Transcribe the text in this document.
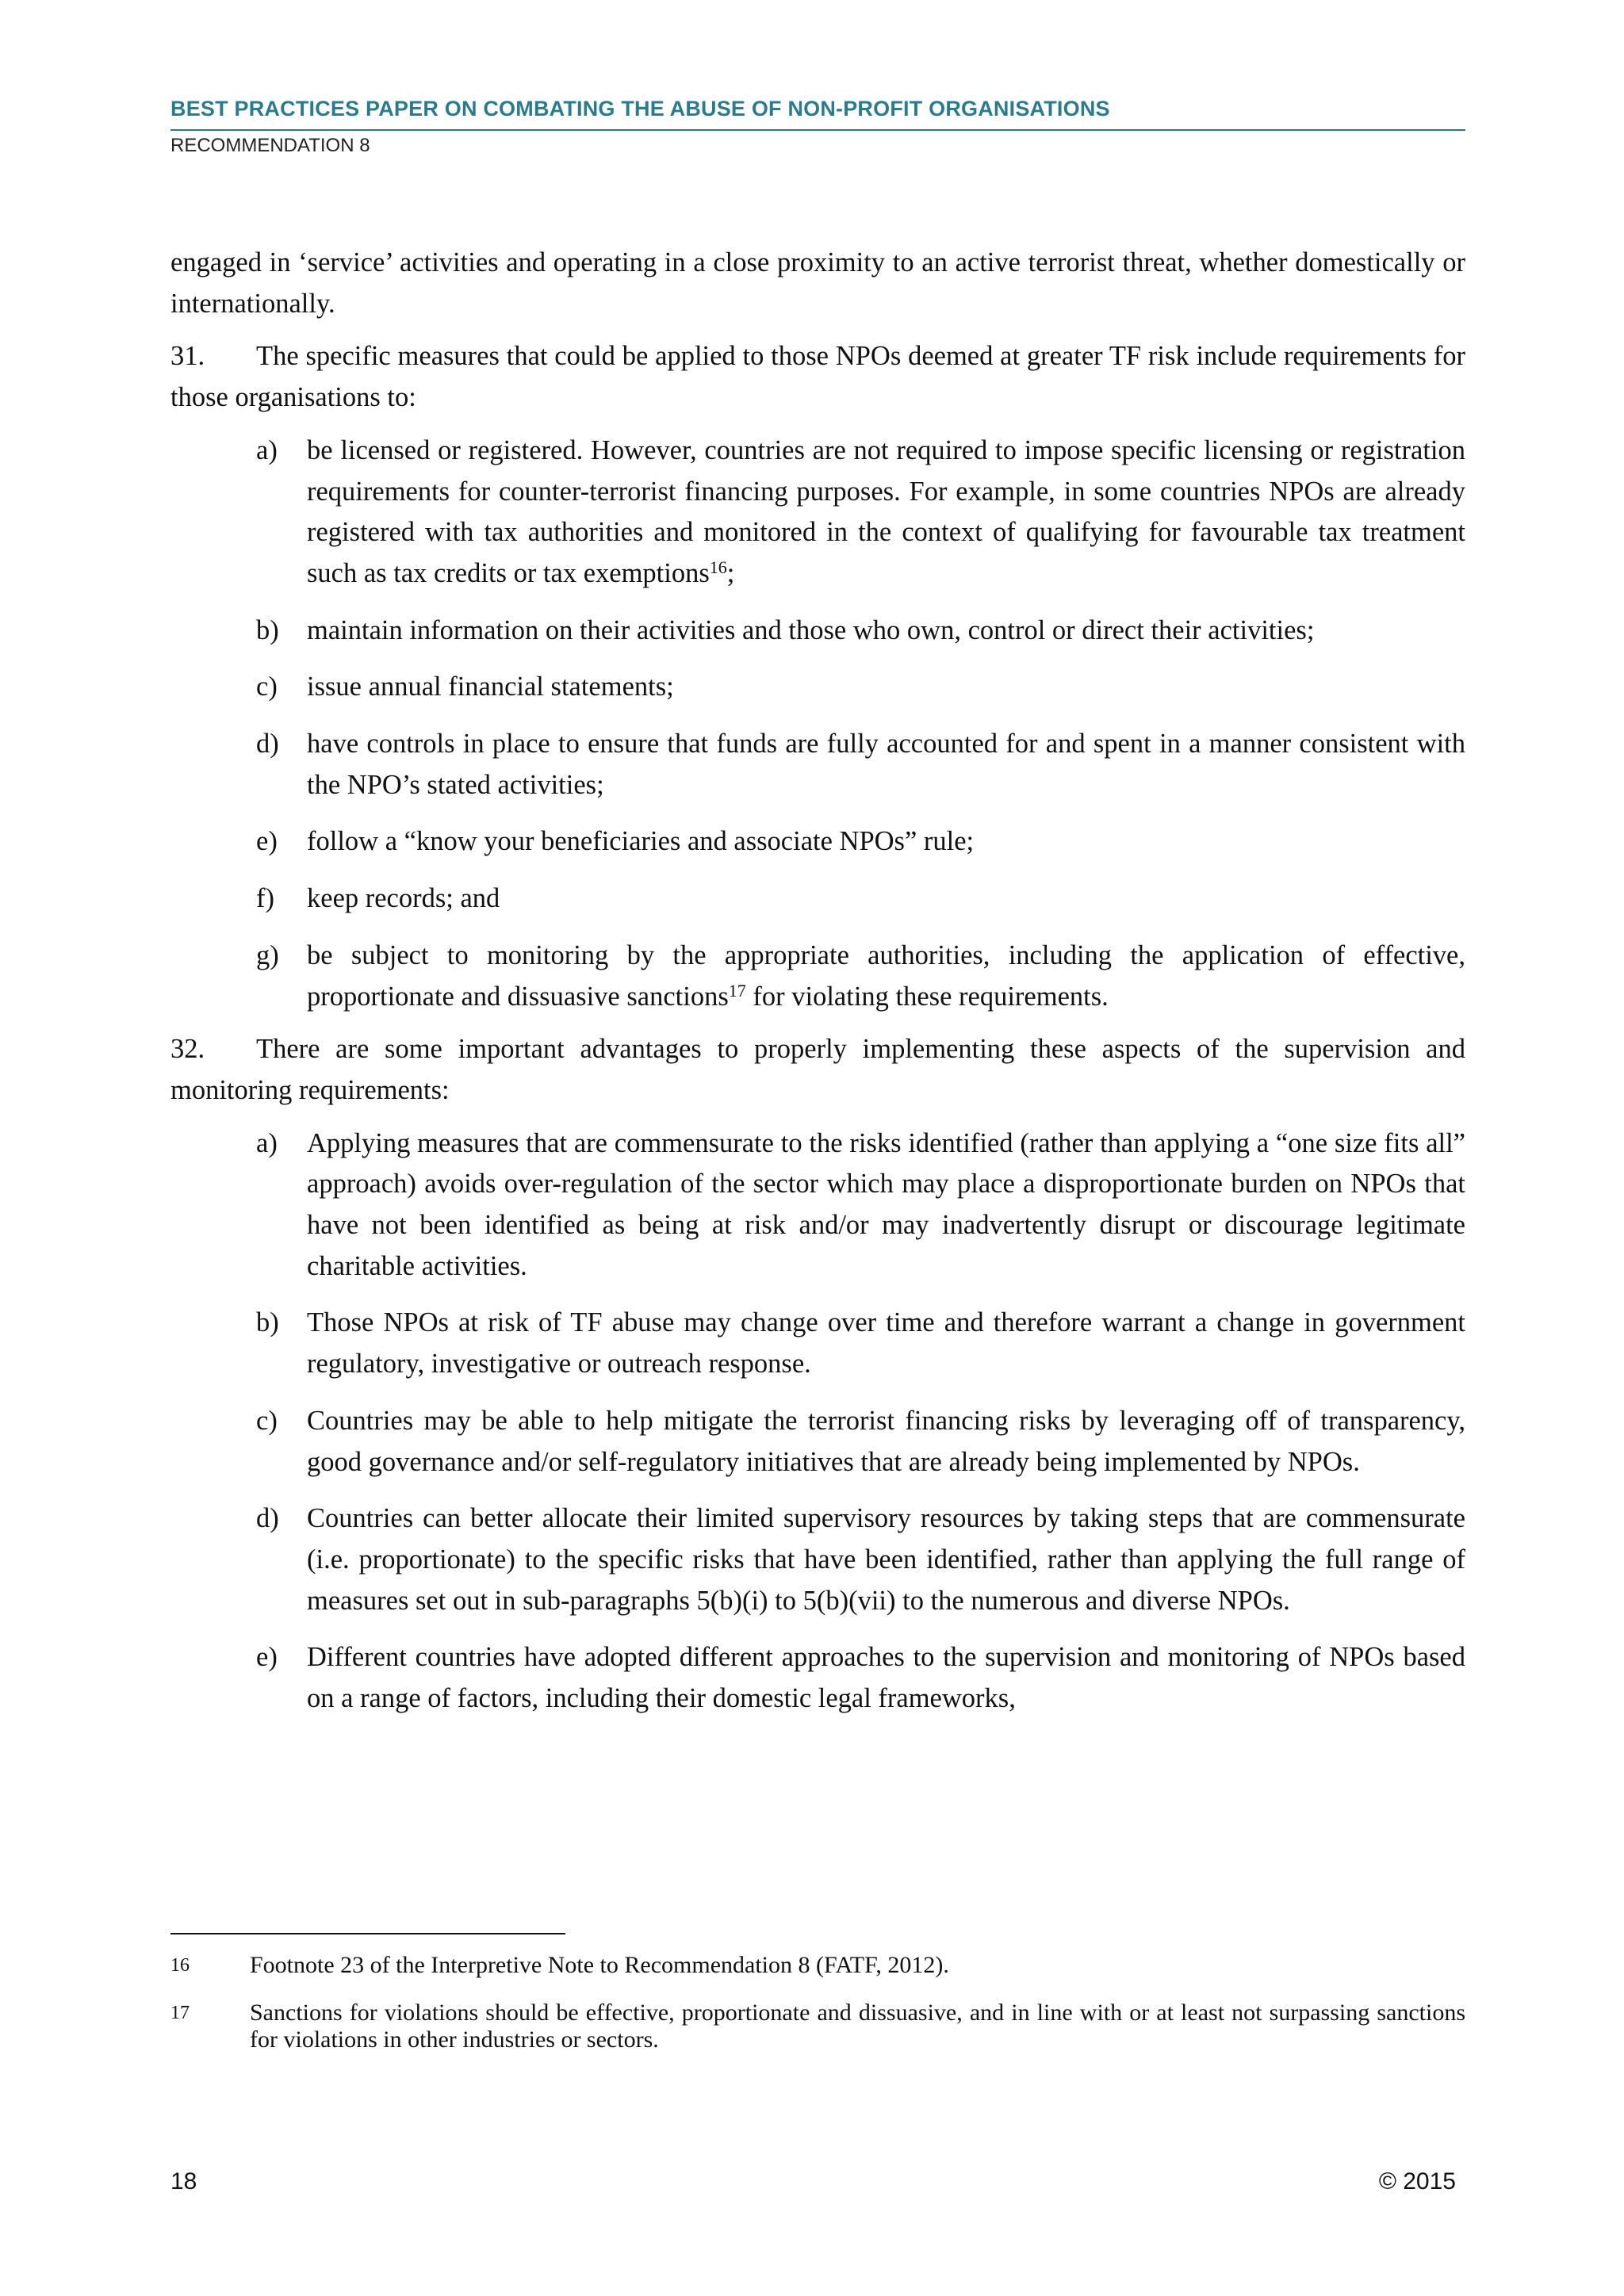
BEST PRACTICES PAPER ON COMBATING THE ABUSE OF NON-PROFIT ORGANISATIONS
RECOMMENDATION 8

engaged in ‘service’ activities and operating in a close proximity to an active terrorist threat, whether domestically or internationally.

31. The specific measures that could be applied to those NPOs deemed at greater TF risk include requirements for those organisations to:

a) be licensed or registered. However, countries are not required to impose specific licensing or registration requirements for counter-terrorist financing purposes. For example, in some countries NPOs are already registered with tax authorities and monitored in the context of qualifying for favourable tax treatment such as tax credits or tax exemptions$^{16}$;
b) maintain information on their activities and those who own, control or direct their activities;
c) issue annual financial statements;
d) have controls in place to ensure that funds are fully accounted for and spent in a manner consistent with the NPO’s stated activities;
e) follow a “know your beneficiaries and associate NPOs” rule;
f) keep records; and
g) be subject to monitoring by the appropriate authorities, including the application of effective, proportionate and dissuasive sanctions$^{17}$ for violating these requirements.

32. There are some important advantages to properly implementing these aspects of the supervision and monitoring requirements:

a) Applying measures that are commensurate to the risks identified (rather than applying a “one size fits all” approach) avoids over-regulation of the sector which may place a disproportionate burden on NPOs that have not been identified as being at risk and/or may inadvertently disrupt or discourage legitimate charitable activities.
b) Those NPOs at risk of TF abuse may change over time and therefore warrant a change in government regulatory, investigative or outreach response.
c) Countries may be able to help mitigate the terrorist financing risks by leveraging off of transparency, good governance and/or self-regulatory initiatives that are already being implemented by NPOs.
d) Countries can better allocate their limited supervisory resources by taking steps that are commensurate (i.e. proportionate) to the specific risks that have been identified, rather than applying the full range of measures set out in sub-paragraphs 5(b)(i) to 5(b)(vii) to the numerous and diverse NPOs.
e) Different countries have adopted different approaches to the supervision and monitoring of NPOs based on a range of factors, including their domestic legal frameworks,
16	Footnote 23 of the Interpretive Note to Recommendation 8 (FATF, 2012).
17	Sanctions for violations should be effective, proportionate and dissuasive, and in line with or at least not surpassing sanctions for violations in other industries or sectors.
18	© 2015
